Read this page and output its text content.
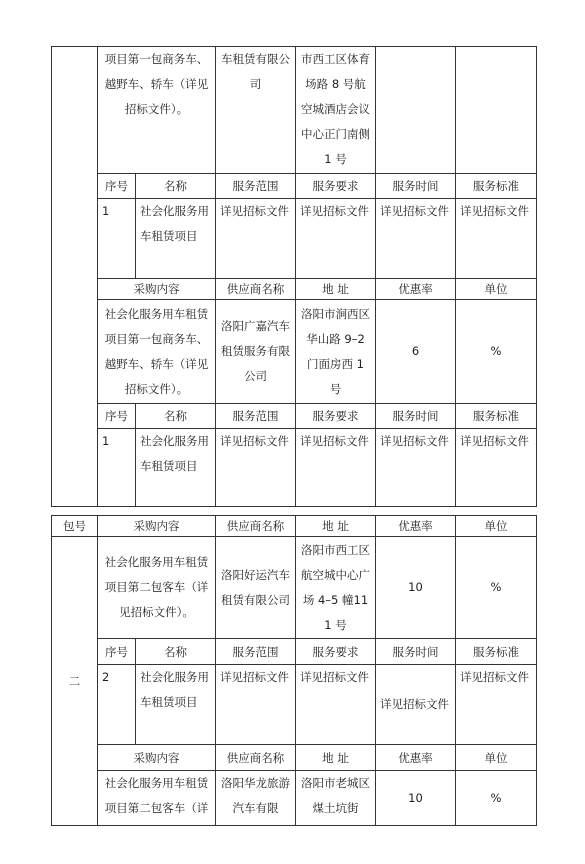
	项目第一包商务车、越野车、轿车（详见招标文件）。		车租赁有限公司	市西工区体育场路 8 号航空城酒店会议中心正门南侧 1 号		
	序号	名称	服务范围	服务要求	服务时间	服务标准
	1	社会化服务用车租赁项目	详见招标文件	详见招标文件	详见招标文件	详见招标文件
	采购内容		供应商名称	地 址	优惠率	单位
	社会化服务用车租赁项目第一包商务车、越野车、轿车（详见招标文件）。		洛阳广嘉汽车租赁服务有限公司	洛阳市涧西区华山路 9–2 门面房西 1 号	6	%
	序号	名称	服务范围	服务要求	服务时间	服务标准
	1	社会化服务用车租赁项目	详见招标文件	详见招标文件	详见招标文件	详见招标文件
包号	采购内容		供应商名称	地 址	优惠率	单位
二	社会化服务用车租赁项目第二包客车（详见招标文件）。		洛阳好运汽车租赁有限公司	洛阳市西工区航空城中心广场 4–5 幢111 号	10	%
	序号	名称	服务范围	服务要求	服务时间	服务标准
	2	社会化服务用车租赁项目	详见招标文件	详见招标文件	详见招标文件	详见招标文件
	采购内容		供应商名称	地 址	优惠率	单位
	社会化服务用车租赁项目第二包客车（详		洛阳华龙旅游汽车有限	洛阳市老城区煤土坑街	10	%
